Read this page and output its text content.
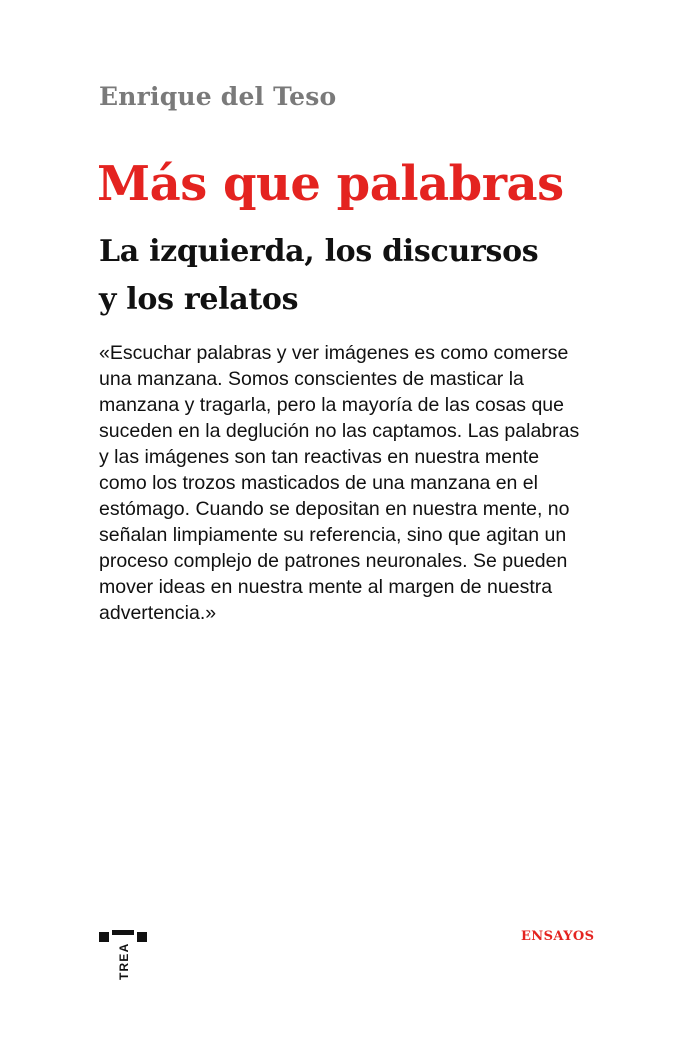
Enrique del Teso
Más que palabras
La izquierda, los discursos
y los relatos
«Escuchar palabras y ver imágenes es como comerse
una manzana. Somos conscientes de masticar la
manzana y tragarla, pero la mayoría de las cosas que
suceden en la deglución no las captamos. Las palabras
y las imágenes son tan reactivas en nuestra mente
como los trozos masticados de una manzana en el
estómago. Cuando se depositan en nuestra mente, no
señalan limpiamente su referencia, sino que agitan un
proceso complejo de patrones neuronales. Se pueden
mover ideas en nuestra mente al margen de nuestra
advertencia.»
TREA
ENSAYOS
